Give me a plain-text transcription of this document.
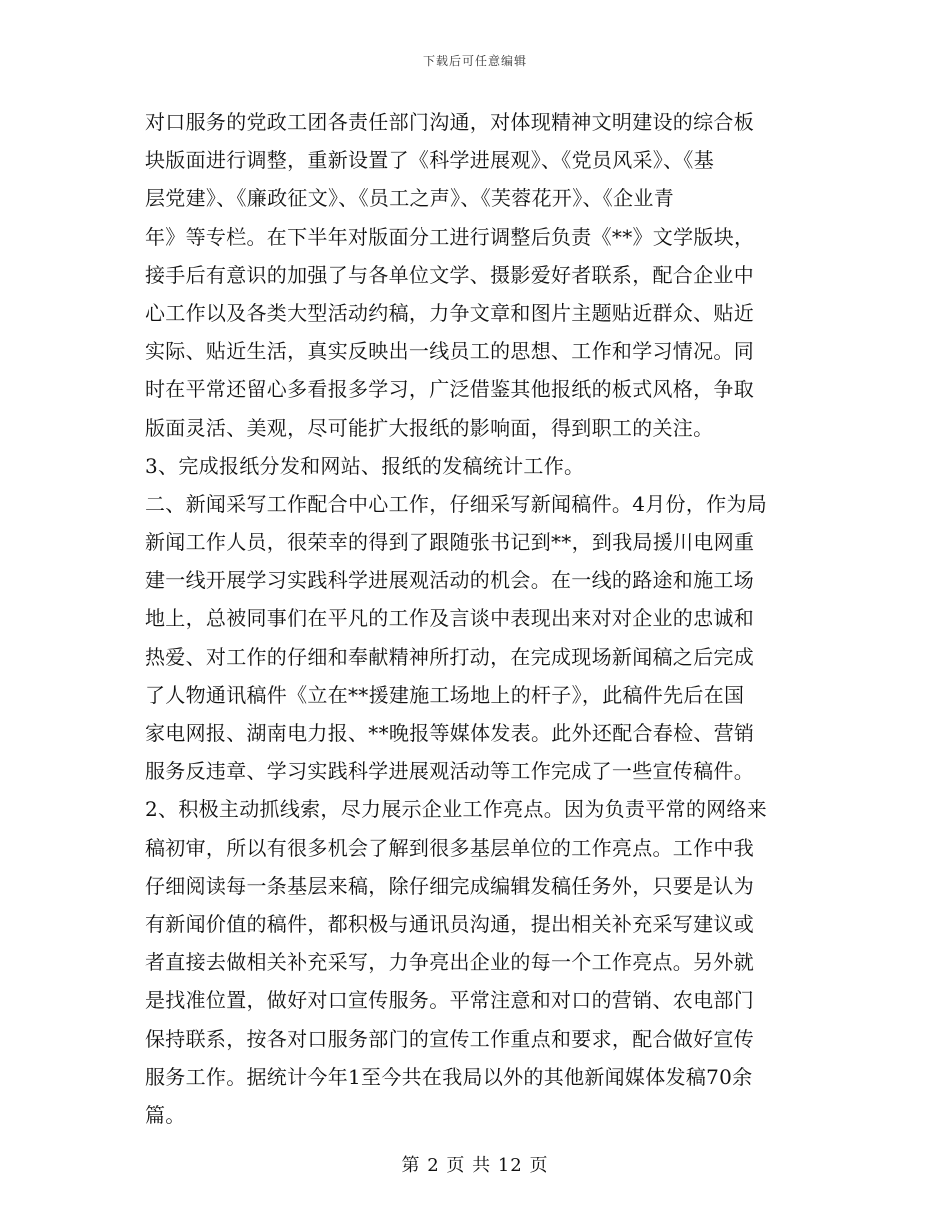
下载后可任意编辑
对口服务的党政工团各责任部门沟通，对体现精神文明建设的综合板
块版面进行调整，重新设置了《科学进展观》、《党员风采》、《基
层党建》、《廉政征文》、《员工之声》、《芙蓉花开》、《企业青
年》等专栏。在下半年对版面分工进行调整后负责《**》文学版块，
接手后有意识的加强了与各单位文学、摄影爱好者联系，配合企业中
心工作以及各类大型活动约稿，力争文章和图片主题贴近群众、贴近
实际、贴近生活，真实反映出一线员工的思想、工作和学习情况。同
时在平常还留心多看报多学习，广泛借鉴其他报纸的板式风格，争取
版面灵活、美观，尽可能扩大报纸的影响面，得到职工的关注。
3、完成报纸分发和网站、报纸的发稿统计工作。
二、新闻采写工作配合中心工作，仔细采写新闻稿件。4月份，作为局
新闻工作人员，很荣幸的得到了跟随张书记到**，到我局援川电网重
建一线开展学习实践科学进展观活动的机会。在一线的路途和施工场
地上，总被同事们在平凡的工作及言谈中表现出来对对企业的忠诚和
热爱、对工作的仔细和奉献精神所打动，在完成现场新闻稿之后完成
了人物通讯稿件《立在**援建施工场地上的杆子》，此稿件先后在国
家电网报、湖南电力报、**晚报等媒体发表。此外还配合春检、营销
服务反违章、学习实践科学进展观活动等工作完成了一些宣传稿件。
2、积极主动抓线索，尽力展示企业工作亮点。因为负责平常的网络来
稿初审，所以有很多机会了解到很多基层单位的工作亮点。工作中我
仔细阅读每一条基层来稿，除仔细完成编辑发稿任务外，只要是认为
有新闻价值的稿件，都积极与通讯员沟通，提出相关补充采写建议或
者直接去做相关补充采写，力争亮出企业的每一个工作亮点。另外就
是找准位置，做好对口宣传服务。平常注意和对口的营销、农电部门
保持联系，按各对口服务部门的宣传工作重点和要求，配合做好宣传
服务工作。据统计今年1至今共在我局以外的其他新闻媒体发稿70余
篇。
第 2 页 共 12 页
